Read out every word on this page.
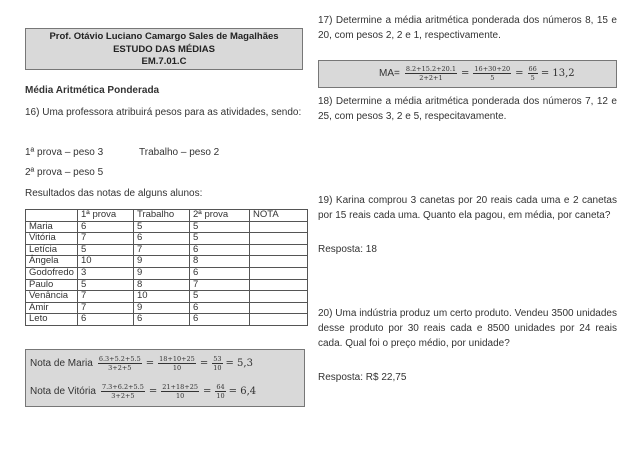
Prof. Otávio Luciano Camargo Sales de Magalhães
ESTUDO DAS MÉDIAS
EM.7.01.C
Média Aritmética Ponderada
16) Uma professora atribuirá pesos para as atividades, sendo:
1ª prova – peso 3	Trabalho – peso 2
2ª prova – peso 5
Resultados das notas de alguns alunos:
	1ª prova	Trabalho	2ª prova	NOTA
Maria	6	5	5	
Vitória	7	6	5	
Letícia	5	7	6	
Ângela	10	9	8	
Godofredo	3	9	6	
Paulo	5	8	7	
Venância	7	10	5	
Amir	7	9	6	
Leto	6	6	6	
Nota de Maria $\frac{6.3+5.2+5.5}{3+2+5} = \frac{18+10+25}{10} = \frac{53}{10} = 5,3$
Nota de Vitória $\frac{7.3+6.2+5.5}{3+2+5} = \frac{21+18+25}{10} = \frac{64}{10} = 6,4$
17) Determine a média aritmética ponderada dos números 8, 15 e 20, com pesos 2, 2 e 1, respectivamente.
$MA= \frac{8.2+15.2+20.1}{2+2+1} = \frac{16+30+20}{5} = \frac{66}{5} = 13,2$
18) Determine a média aritmética ponderada dos números 7, 12 e 25, com pesos 3, 2 e 5, respecitavamente.
19) Karina comprou 3 canetas por 20 reais cada uma e 2 canetas por 15 reais cada uma. Quanto ela pagou, em média, por caneta?
Resposta: 18
20) Uma indústria produz um certo produto. Vendeu 3500 unidades desse produto por 30 reais cada e 8500 unidades por 24 reais cada. Qual foi o preço médio, por unidade?
Resposta: R$ 22,75
